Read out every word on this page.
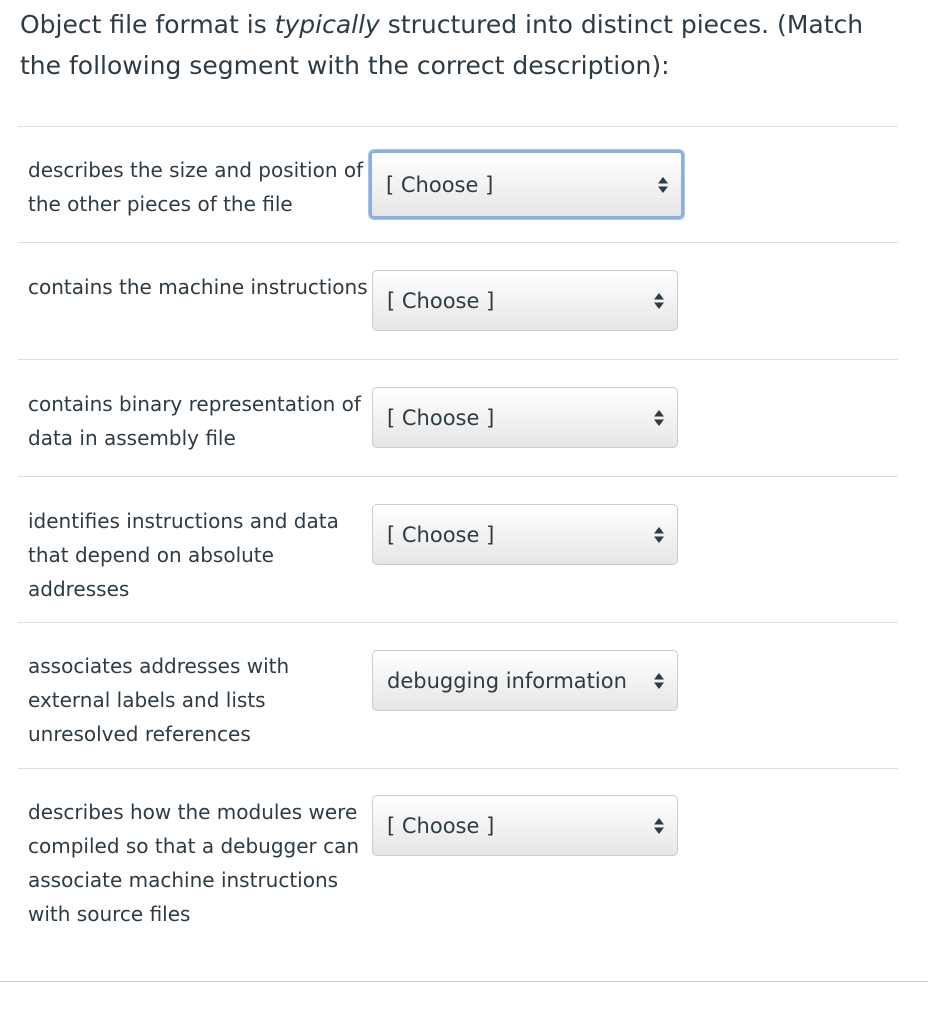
Object file format is typically structured into distinct pieces. (Match the following segment with the correct description):
describes the size and position of the other pieces of the file
[ Choose ]
contains the machine instructions
[ Choose ]
contains binary representation of data in assembly file
[ Choose ]
identifies instructions and data that depend on absolute addresses
[ Choose ]
associates addresses with external labels and lists unresolved references
debugging information
describes how the modules were compiled so that a debugger can associate machine instructions with source files
[ Choose ]
